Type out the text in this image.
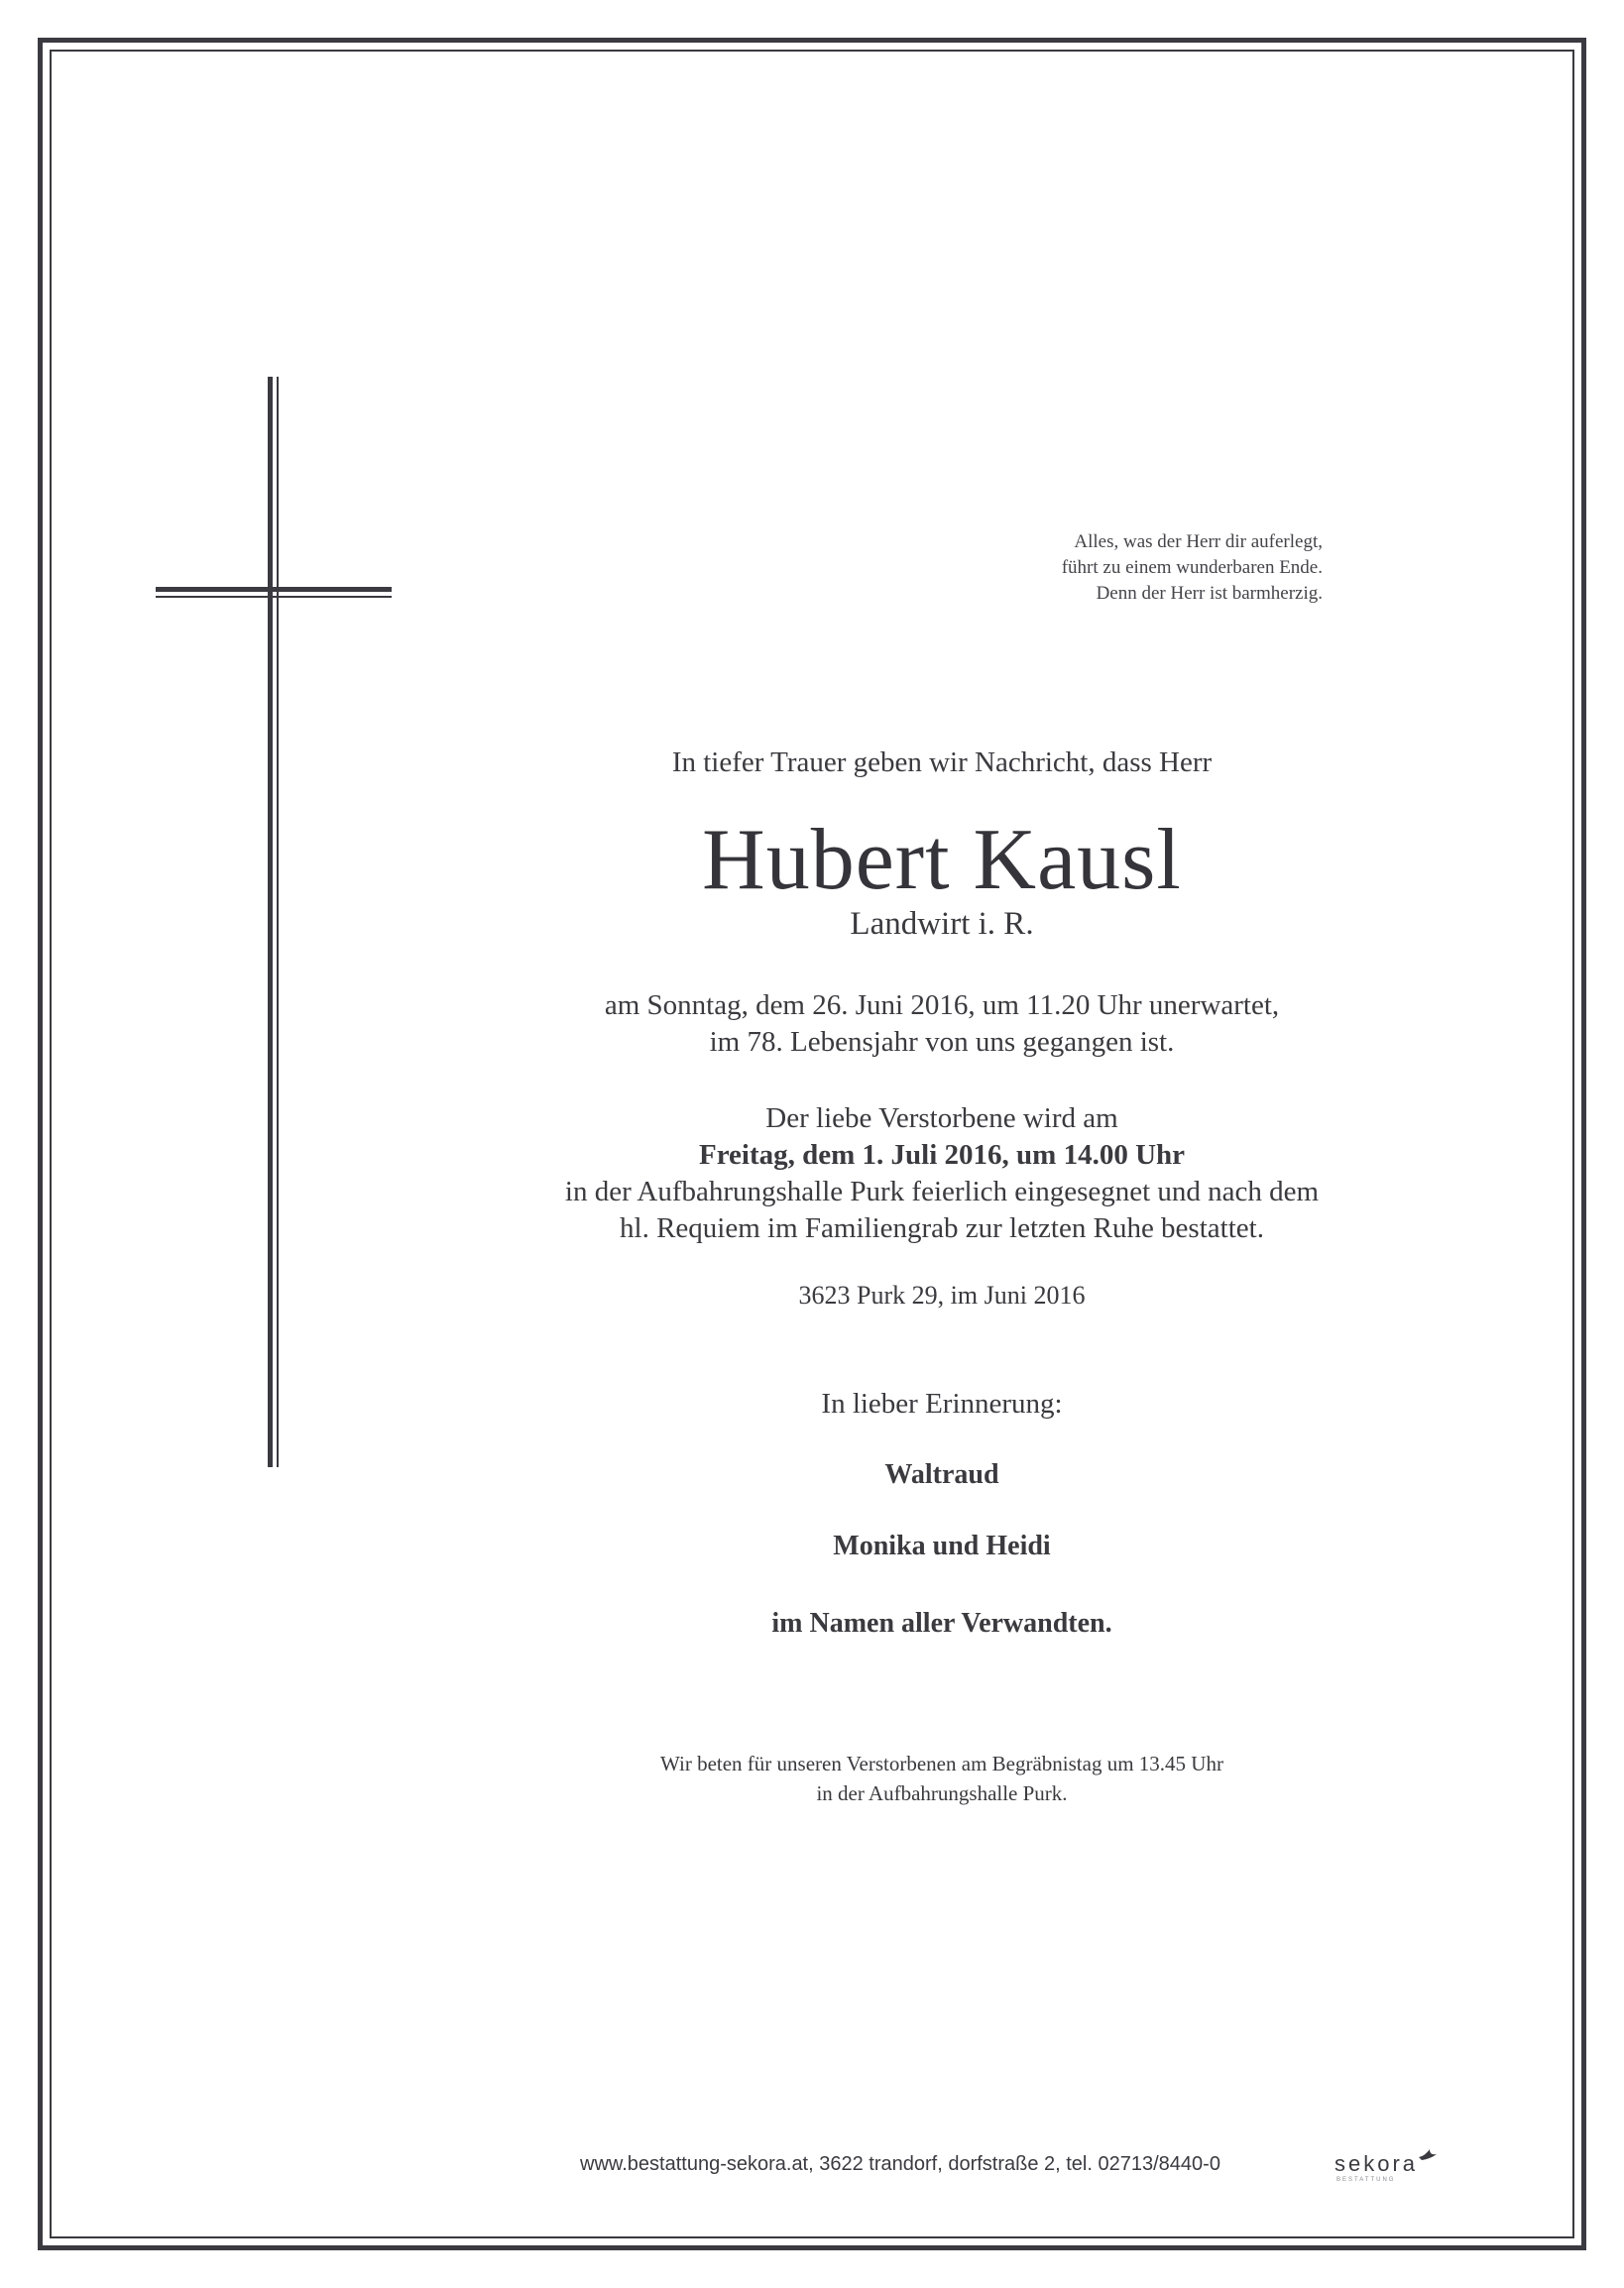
Alles, was der Herr dir auferlegt,
führt zu einem wunderbaren Ende.
Denn der Herr ist barmherzig.
In tiefer Trauer geben wir Nachricht, dass Herr
Hubert Kausl
Landwirt i. R.
am Sonntag, dem 26. Juni 2016, um 11.20 Uhr unerwartet,
im 78. Lebensjahr von uns gegangen ist.
Der liebe Verstorbene wird am
Freitag, dem 1. Juli 2016, um 14.00 Uhr
in der Aufbahrungshalle Purk feierlich eingesegnet und nach dem
hl. Requiem im Familiengrab zur letzten Ruhe bestattet.
3623 Purk 29, im Juni 2016
In lieber Erinnerung:
Waltraud
Monika und Heidi
im Namen aller Verwandten.
Wir beten für unseren Verstorbenen am Begräbnistag um 13.45 Uhr
in der Aufbahrungshalle Purk.
www.bestattung-sekora.at, 3622 trandorf, dorfstraße 2, tel. 02713/8440-0	sekora
BESTATTUNG
